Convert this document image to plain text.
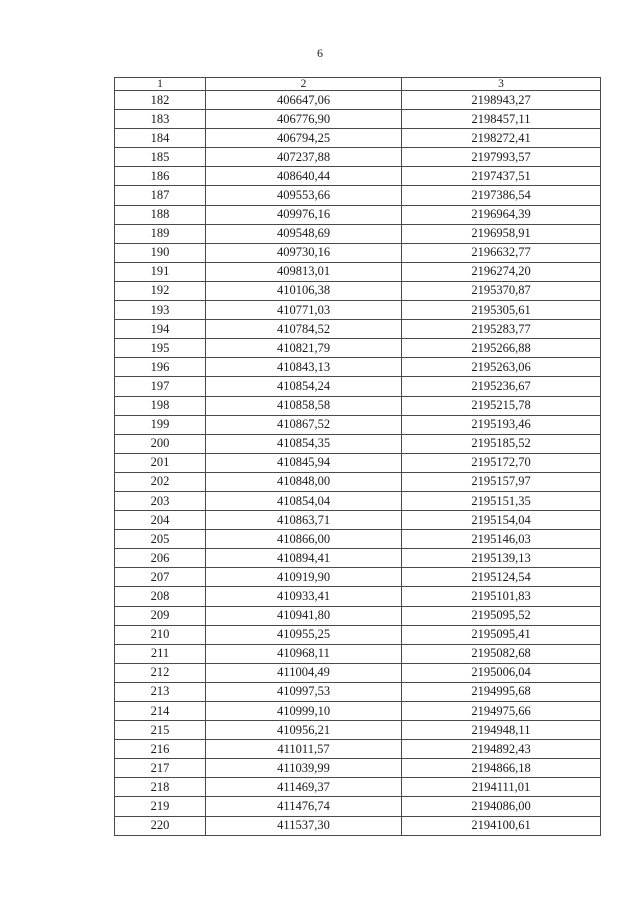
6
1	2	3
182	406647,06	2198943,27
183	406776,90	2198457,11
184	406794,25	2198272,41
185	407237,88	2197993,57
186	408640,44	2197437,51
187	409553,66	2197386,54
188	409976,16	2196964,39
189	409548,69	2196958,91
190	409730,16	2196632,77
191	409813,01	2196274,20
192	410106,38	2195370,87
193	410771,03	2195305,61
194	410784,52	2195283,77
195	410821,79	2195266,88
196	410843,13	2195263,06
197	410854,24	2195236,67
198	410858,58	2195215,78
199	410867,52	2195193,46
200	410854,35	2195185,52
201	410845,94	2195172,70
202	410848,00	2195157,97
203	410854,04	2195151,35
204	410863,71	2195154,04
205	410866,00	2195146,03
206	410894,41	2195139,13
207	410919,90	2195124,54
208	410933,41	2195101,83
209	410941,80	2195095,52
210	410955,25	2195095,41
211	410968,11	2195082,68
212	411004,49	2195006,04
213	410997,53	2194995,68
214	410999,10	2194975,66
215	410956,21	2194948,11
216	411011,57	2194892,43
217	411039,99	2194866,18
218	411469,37	2194111,01
219	411476,74	2194086,00
220	411537,30	2194100,61
